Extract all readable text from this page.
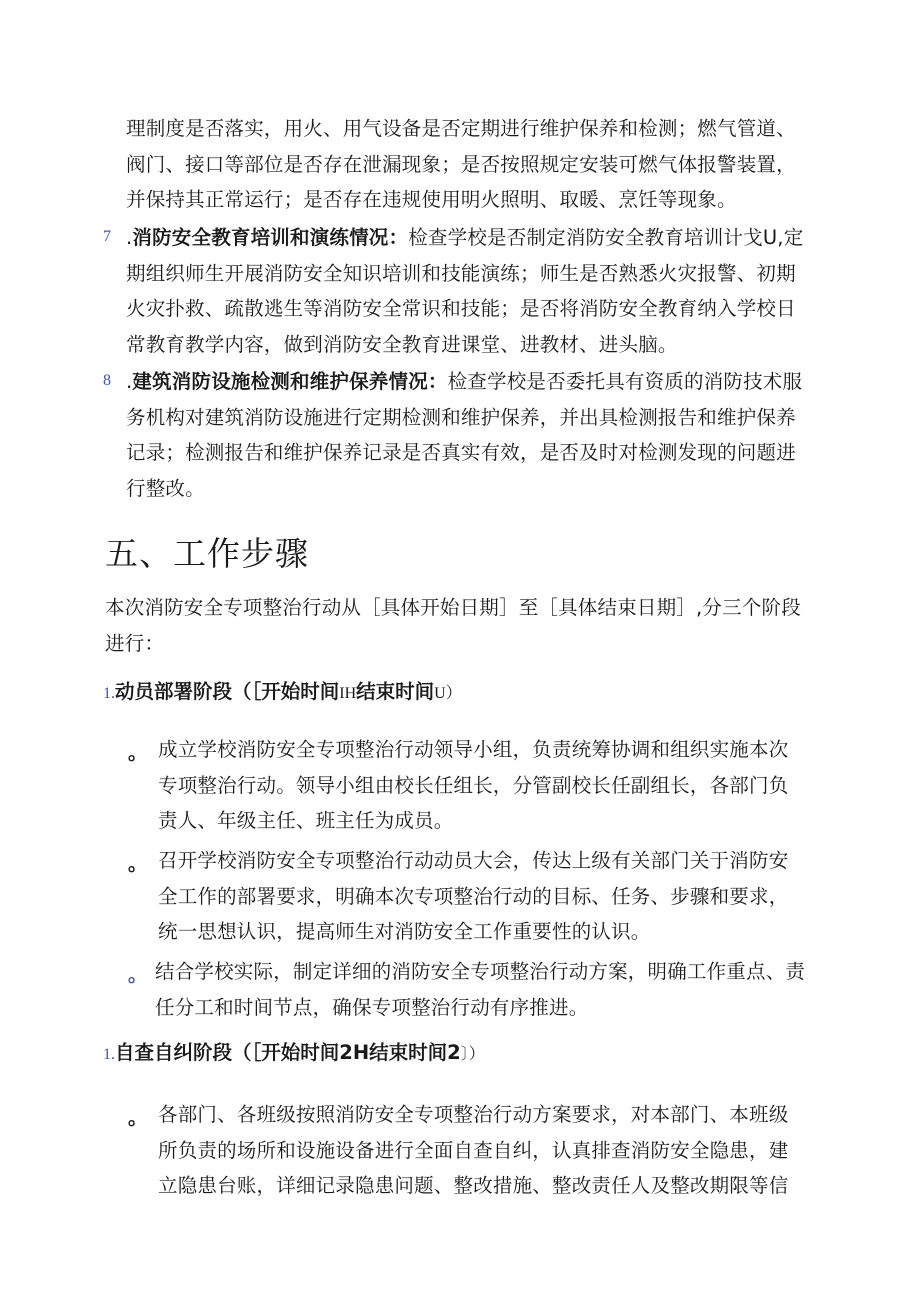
理制度是否落实，用火、用气设备是否定期进行维护保养和检测；燃气管道、
阀门、接口等部位是否存在泄漏现象；是否按照规定安装可燃气体报警装置，
并保持其正常运行；是否存在违规使用明火照明、取暖、烹饪等现象。
7 .消防安全教育培训和演练情况：检查学校是否制定消防安全教育培训计戈U,定
期组织师生开展消防安全知识培训和技能演练；师生是否熟悉火灾报警、初期
火灾扑救、疏散逃生等消防安全常识和技能；是否将消防安全教育纳入学校日
常教育教学内容，做到消防安全教育进课堂、进教材、进头脑。
8 .建筑消防设施检测和维护保养情况：检查学校是否委托具有资质的消防技术服
务机构对建筑消防设施进行定期检测和维护保养，并出具检测报告和维护保养
记录；检测报告和维护保养记录是否真实有效，是否及时对检测发现的问题进
行整改。
五、工作步骤
本次消防安全专项整治行动从［具体开始日期］至［具体结束日期］,分三个阶段
进行：
1.动员部署阶段（［开始时间IH结束时间U）
。 成立学校消防安全专项整治行动领导小组，负责统筹协调和组织实施本次
专项整治行动。领导小组由校长任组长，分管副校长任副组长，各部门负
责人、年级主任、班主任为成员。
。 召开学校消防安全专项整治行动动员大会，传达上级有关部门关于消防安
全工作的部署要求，明确本次专项整治行动的目标、任务、步骤和要求，
统一思想认识，提高师生对消防安全工作重要性的认识。
。 结合学校实际，制定详细的消防安全专项整治行动方案，明确工作重点、责
任分工和时间节点，确保专项整治行动有序推进。
1.自查自纠阶段（［开始时间2H结束时间2〕）
。 各部门、各班级按照消防安全专项整治行动方案要求，对本部门、本班级
所负责的场所和设施设备进行全面自查自纠，认真排查消防安全隐患，建
立隐患台账，详细记录隐患问题、整改措施、整改责任人及整改期限等信
